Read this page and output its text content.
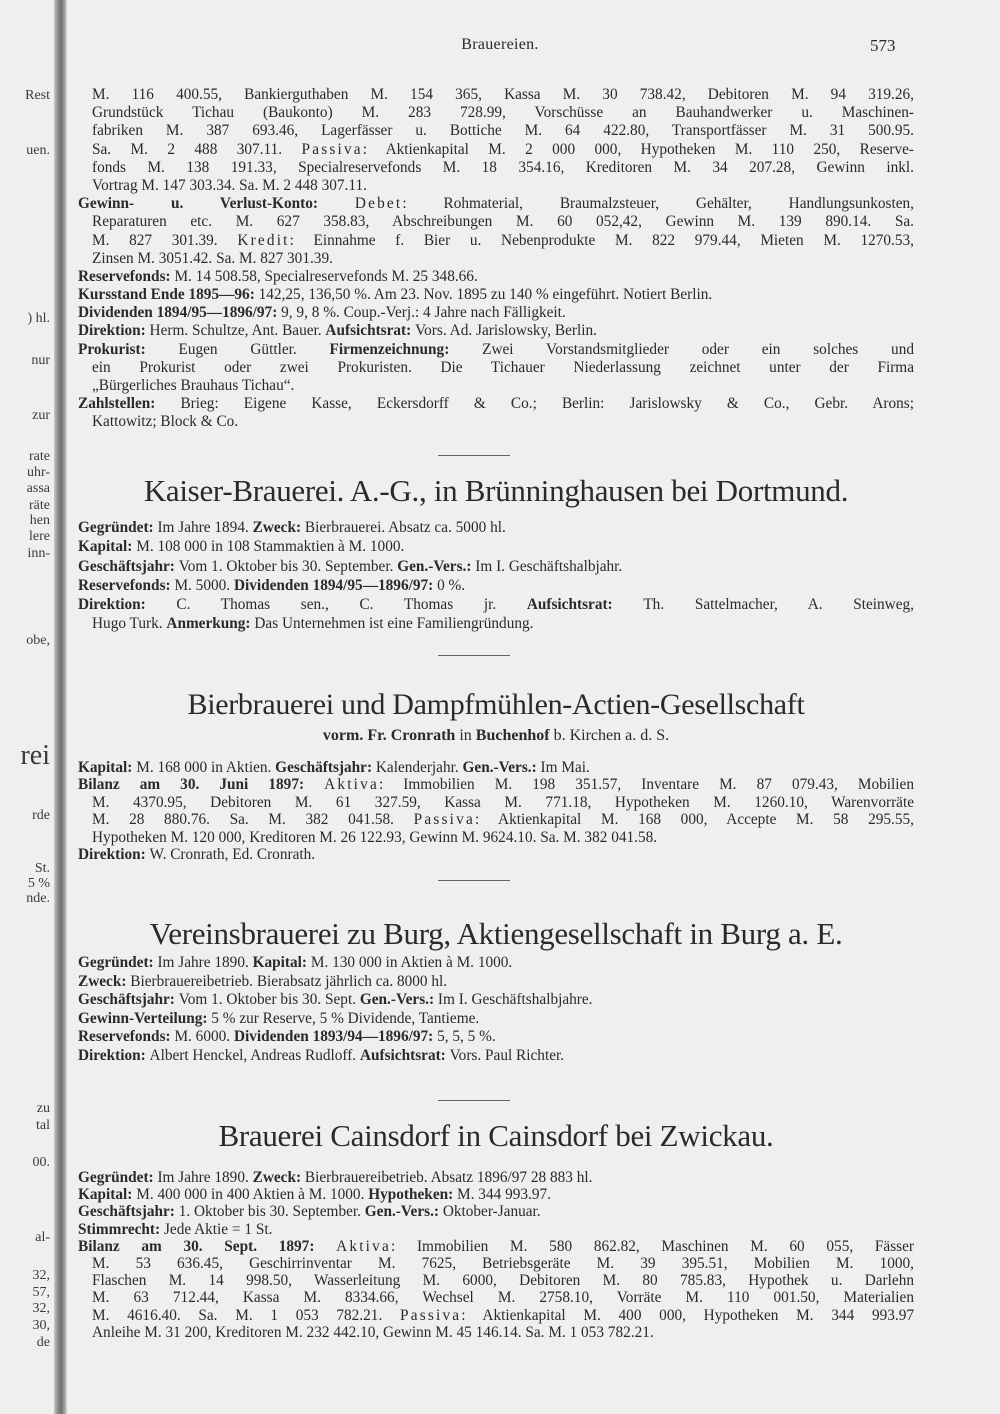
Rest
uen.
) hl.
nur
zur
rate
uhr-
assa
räte
hen
lere
inn-
obe,
rei
rde
St.
5 %
nde.
zu
tal
00.
al-
32,
57,
32,
30,
de
Brauereien.	573
M. 116 400.55, Bankierguthaben M. 154 365, Kassa M. 30 738.42, Debitoren M. 94 319.26,
Grundstück Tichau (Baukonto) M. 283 728.99, Vorschüsse an Bauhandwerker u. Maschinen-
fabriken M. 387 693.46, Lagerfässer u. Bottiche M. 64 422.80, Transportfässer M. 31 500.95.
Sa. M. 2 488 307.11. Passiva: Aktienkapital M. 2 000 000, Hypotheken M. 110 250, Reserve-
fonds M. 138 191.33, Specialreservefonds M. 18 354.16, Kreditoren M. 34 207.28, Gewinn inkl.
Vortrag M. 147 303.34. Sa. M. 2 448 307.11.
Gewinn- u. Verlust-Konto: Debet: Rohmaterial, Braumalzsteuer, Gehälter, Handlungsunkosten,
Reparaturen etc. M. 627 358.83, Abschreibungen M. 60 052,42, Gewinn M. 139 890.14. Sa.
M. 827 301.39. Kredit: Einnahme f. Bier u. Nebenprodukte M. 822 979.44, Mieten M. 1270.53,
Zinsen M. 3051.42. Sa. M. 827 301.39.
Reservefonds: M. 14 508.58, Specialreservefonds M. 25 348.66.
Kursstand Ende 1895—96: 142,25, 136,50 %. Am 23. Nov. 1895 zu 140 % eingeführt. Notiert Berlin.
Dividenden 1894/95—1896/97: 9, 9, 8 %. Coup.-Verj.: 4 Jahre nach Fälligkeit.
Direktion: Herm. Schultze, Ant. Bauer. Aufsichtsrat: Vors. Ad. Jarislowsky, Berlin.
Prokurist: Eugen Güttler. Firmenzeichnung: Zwei Vorstandsmitglieder oder ein solches und
ein Prokurist oder zwei Prokuristen. Die Tichauer Niederlassung zeichnet unter der Firma
„Bürgerliches Brauhaus Tichau“.
Zahlstellen: Brieg: Eigene Kasse, Eckersdorff & Co.; Berlin: Jarislowsky & Co., Gebr. Arons;
Kattowitz; Block & Co.
Kaiser-Brauerei. A.-G., in Brünninghausen bei Dortmund.
Gegründet: Im Jahre 1894. Zweck: Bierbrauerei. Absatz ca. 5000 hl.
Kapital: M. 108 000 in 108 Stammaktien à M. 1000.
Geschäftsjahr: Vom 1. Oktober bis 30. September. Gen.-Vers.: Im I. Geschäftshalbjahr.
Reservefonds: M. 5000. Dividenden 1894/95—1896/97: 0 %.
Direktion: C. Thomas sen., C. Thomas jr. Aufsichtsrat: Th. Sattelmacher, A. Steinweg,
Hugo Turk. Anmerkung: Das Unternehmen ist eine Familiengründung.
Bierbrauerei und Dampfmühlen-Actien-Gesellschaft
vorm. Fr. Cronrath in Buchenhof b. Kirchen a. d. S.
Kapital: M. 168 000 in Aktien. Geschäftsjahr: Kalenderjahr. Gen.-Vers.: Im Mai.
Bilanz am 30. Juni 1897: Aktiva: Immobilien M. 198 351.57, Inventare M. 87 079.43, Mobilien
M. 4370.95, Debitoren M. 61 327.59, Kassa M. 771.18, Hypotheken M. 1260.10, Warenvorräte
M. 28 880.76. Sa. M. 382 041.58. Passiva: Aktienkapital M. 168 000, Accepte M. 58 295.55,
Hypotheken M. 120 000, Kreditoren M. 26 122.93, Gewinn M. 9624.10. Sa. M. 382 041.58.
Direktion: W. Cronrath, Ed. Cronrath.
Vereinsbrauerei zu Burg, Aktiengesellschaft in Burg a. E.
Gegründet: Im Jahre 1890. Kapital: M. 130 000 in Aktien à M. 1000.
Zweck: Bierbrauereibetrieb. Bierabsatz jährlich ca. 8000 hl.
Geschäftsjahr: Vom 1. Oktober bis 30. Sept. Gen.-Vers.: Im I. Geschäftshalbjahre.
Gewinn-Verteilung: 5 % zur Reserve, 5 % Dividende, Tantieme.
Reservefonds: M. 6000. Dividenden 1893/94—1896/97: 5, 5, 5 %.
Direktion: Albert Henckel, Andreas Rudloff. Aufsichtsrat: Vors. Paul Richter.
Brauerei Cainsdorf in Cainsdorf bei Zwickau.
Gegründet: Im Jahre 1890. Zweck: Bierbrauereibetrieb. Absatz 1896/97 28 883 hl.
Kapital: M. 400 000 in 400 Aktien à M. 1000. Hypotheken: M. 344 993.97.
Geschäftsjahr: 1. Oktober bis 30. September. Gen.-Vers.: Oktober-Januar.
Stimmrecht: Jede Aktie = 1 St.
Bilanz am 30. Sept. 1897: Aktiva: Immobilien M. 580 862.82, Maschinen M. 60 055, Fässer
M. 53 636.45, Geschirrinventar M. 7625, Betriebsgeräte M. 39 395.51, Mobilien M. 1000,
Flaschen M. 14 998.50, Wasserleitung M. 6000, Debitoren M. 80 785.83, Hypothek u. Darlehn
M. 63 712.44, Kassa M. 8334.66, Wechsel M. 2758.10, Vorräte M. 110 001.50, Materialien
M. 4616.40. Sa. M. 1 053 782.21. Passiva: Aktienkapital M. 400 000, Hypotheken M. 344 993.97
Anleihe M. 31 200, Kreditoren M. 232 442.10, Gewinn M. 45 146.14. Sa. M. 1 053 782.21.
